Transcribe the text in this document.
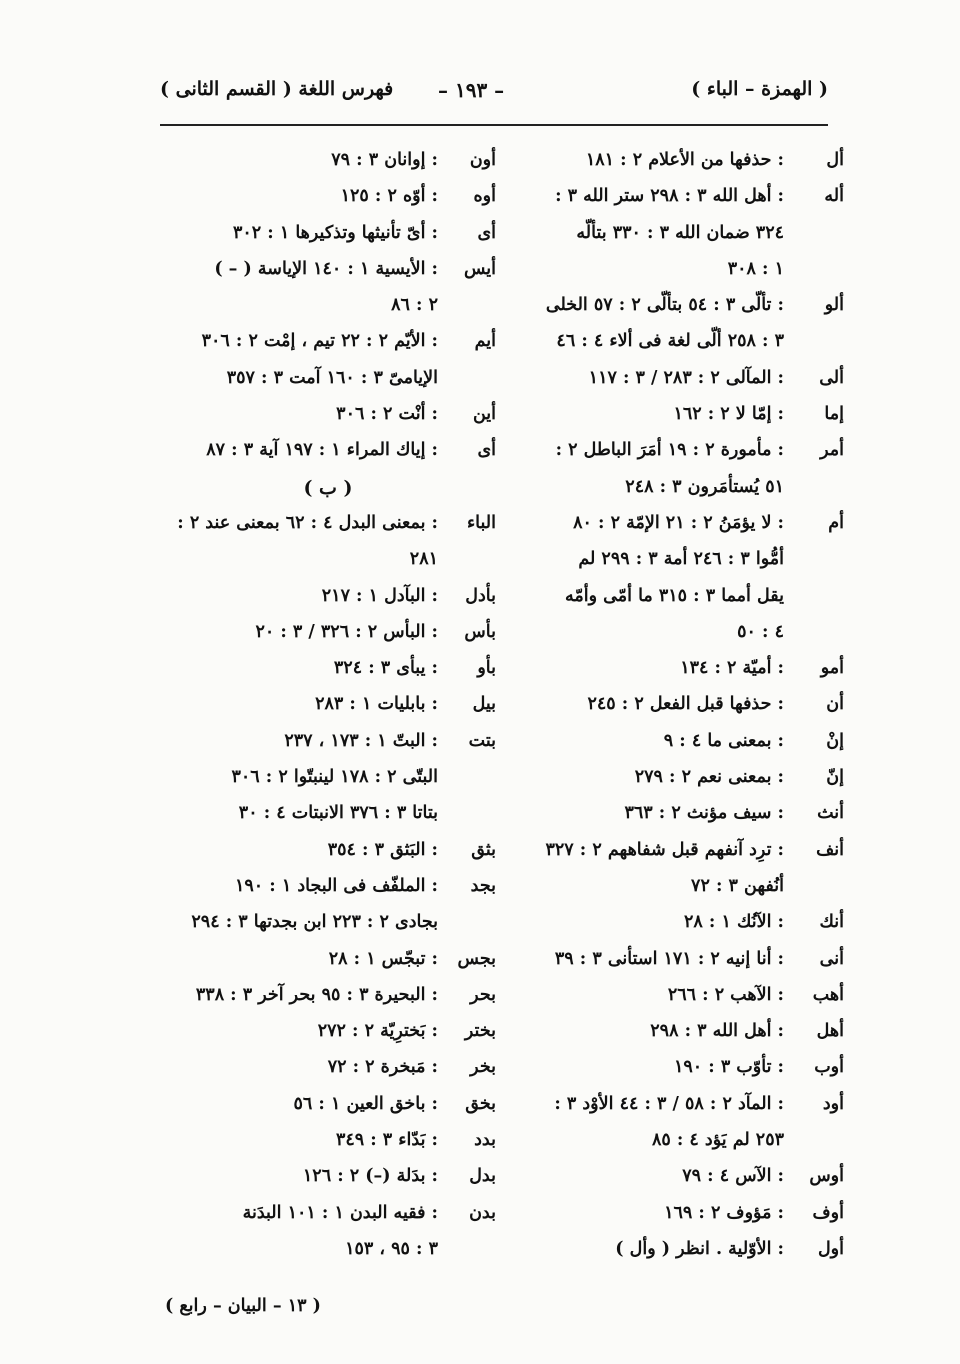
( الهمزة – الباء )
– ١٩٣ –
فهرس اللغة ( القسم الثانى )
أل
: حذفها من الأعلام ٢ : ١٨١
أله
: أهل الله ٣ : ٢٩٨ ستر الله ٣ :
٣٢٤ ضمان الله ٣ : ٣٣٠ بتألّه
١ : ٣٠٨
ألو
: تألّى ٣ : ٥٤ بتألّى ٢ : ٥٧ الخلى
٣ : ٢٥٨ ألّى لغة فى ألاء ٤ : ٤٦
ألى
: المآلى ٢ : ٢٨٣ / ٣ : ١١٧
إما
: إمّا لا ٢ : ١٦٢
أمر
: مأمورة ٢ : ١٩ أمَرَ الباطل ٢ :
٥١ يُستأمَرون ٣ : ٢٤٨
أم
: لا يؤمَنُ ٢ : ٢١ الإمّة ٢ : ٨٠
أمُّوا ٣ : ٢٤٦ أمة ٣ : ٢٩٩ لم
يقل أمما ٣ : ٣١٥ ما أمّى وأمّه
٤ : ٥٠
أمو
: أميّة ٢ : ١٣٤
أن
: حذفها قبل الفعل ٢ : ٢٤٥
إنْ
: بمعنى ما ٤ : ٩
إنّ
: بمعنى نعم ٢ : ٢٧٩
أنث
: سيف مؤنث ٢ : ٣٦٣
أنف
: ترِد آنفهم قبل شفاههم ٢ : ٣٢٧
أنُفهن ٣ : ٧٢
أنك
: الآنُك ١ : ٢٨
أنى
: أنا إنيه ٢ : ١٧١ استأنى ٣ : ٣٩
أهب
: الآهب ٢ : ٢٦٦
أهل
: أهل الله ٣ : ٢٩٨
أوب
: تأوّب ٣ : ١٩٠
أود
: المآد ٢ : ٥٨ / ٣ : ٤٤ الأوْد ٣ :
٢٥٣ لم يَؤد ٤ : ٨٥
أوس
: الآس ٤ : ٧٩
أوف
: مَؤوف ٢ : ١٦٩
أول
: الأوّلية . انظر ( وأل )
أون
: إوانان ٣ : ٧٩
أوه
: أوّه ٢ : ١٢٥
أى
: أىّ تأنيثها وتذكيرها ١ : ٣٠٢
أيس
: الأيسية ١ : ١٤٠ الإياسة ( – )
٢ : ٨٦
أيم
: الأيّم ٢ : ٢٢ تيم ، إمْت ٢ : ٣٠٦
الإيامىّ ٣ : ١٦٠ آمت ٣ : ٣٥٧
أين
: أنْت ٢ : ٣٠٦
أى
: إياك المراء ١ : ١٩٧ آية ٣ : ٨٧
( ب )
الباء
: بمعنى البدل ٤ : ٦٢ بمعنى عند ٢ :
٢٨١
بأدل
: البآدل ١ : ٢١٧
بأس
: البأس ٢ : ٣٢٦ / ٣ : ٢٠
بأو
: يبأى ٣ : ٣٢٤
بيل
: بابليات ١ : ٢٨٣
بتت
: البتّ ١ : ١٧٣ ، ٢٣٧
البتّى ٢ : ١٧٨ لينبتّوا ٢ : ٣٠٦
بتاتا ٣ : ٣٧٦ الانبتات ٤ : ٣٠
بثق
: البَثق ٣ : ٣٥٤
بجد
: الملفّف فى البجاد ١ : ١٩٠
بجادى ٢ : ٢٢٣ ابن بجدتها ٣ : ٢٩٤
بجس
: تبجّس ١ : ٢٨
بحر
: البحيرة ٣ : ٩٥ بحر آخر ٣ : ٣٣٨
بختر
: بَخترِيّة ٢ : ٢٧٢
بخر
: مَبخرة ٢ : ٧٢
بخق
: باخق العين ١ : ٥٦
بدد
: بَدّاء ٣ : ٣٤٩
بدل
: بدَلة (–) ٢ : ١٢٦
بدن
: فقيه البدن ١ : ١٠١ البدَنة
٣ : ٩٥ ، ١٥٣
( ١٣ – البيان – رابع )
